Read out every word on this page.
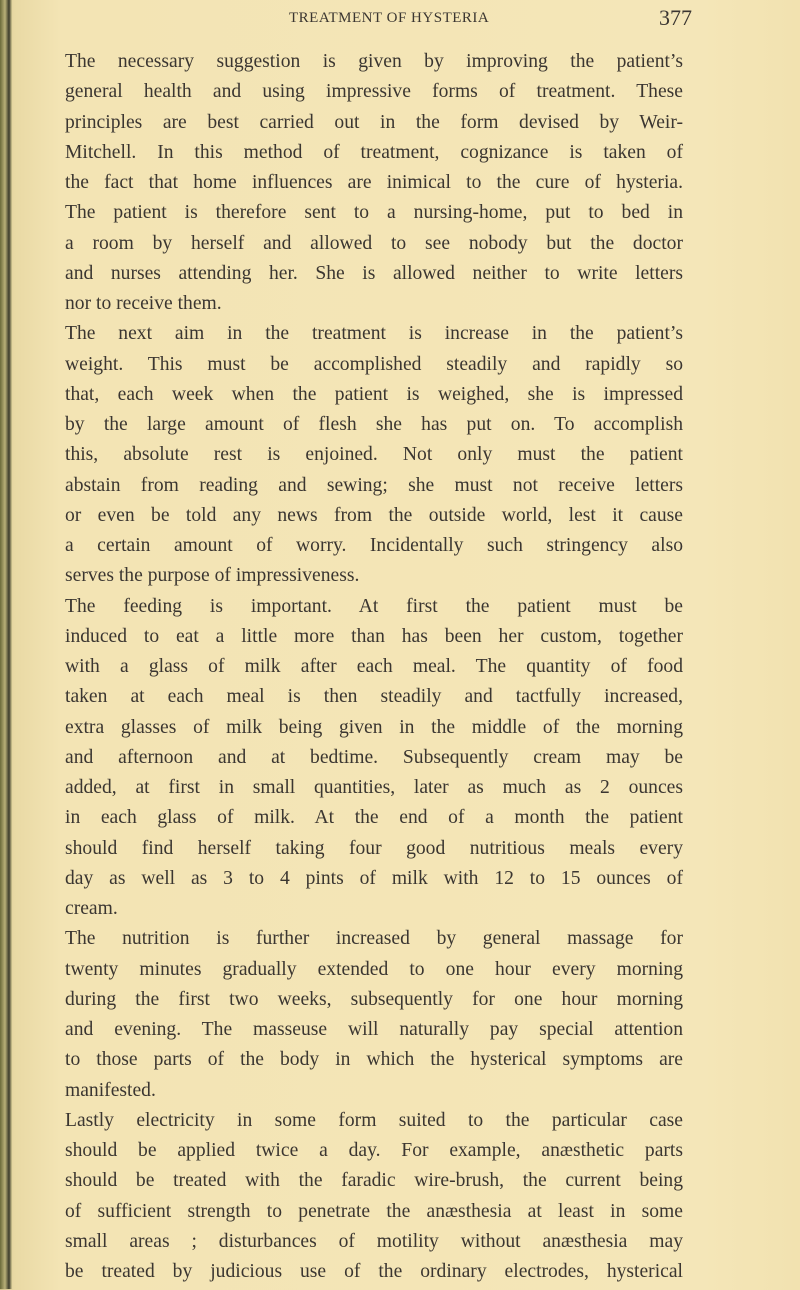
TREATMENT OF HYSTERIA	377
The necessary suggestion is given by improving the patient’s
general health and using impressive forms of treatment. These
principles are best carried out in the form devised by Weir-
Mitchell. In this method of treatment, cognizance is taken of
the fact that home influences are inimical to the cure of hysteria.
The patient is therefore sent to a nursing-home, put to bed in
a room by herself and allowed to see nobody but the doctor
and nurses attending her. She is allowed neither to write letters
nor to receive them.
The next aim in the treatment is increase in the patient’s
weight. This must be accomplished steadily and rapidly so
that, each week when the patient is weighed, she is impressed
by the large amount of flesh she has put on. To accomplish
this, absolute rest is enjoined. Not only must the patient
abstain from reading and sewing; she must not receive letters
or even be told any news from the outside world, lest it cause
a certain amount of worry. Incidentally such stringency also
serves the purpose of impressiveness.
The feeding is important. At first the patient must be
induced to eat a little more than has been her custom, together
with a glass of milk after each meal. The quantity of food
taken at each meal is then steadily and tactfully increased,
extra glasses of milk being given in the middle of the morning
and afternoon and at bedtime. Subsequently cream may be
added, at first in small quantities, later as much as 2 ounces
in each glass of milk. At the end of a month the patient
should find herself taking four good nutritious meals every
day as well as 3 to 4 pints of milk with 12 to 15 ounces of
cream.
The nutrition is further increased by general massage for
twenty minutes gradually extended to one hour every morning
during the first two weeks, subsequently for one hour morning
and evening. The masseuse will naturally pay special attention
to those parts of the body in which the hysterical symptoms are
manifested.
Lastly electricity in some form suited to the particular case
should be applied twice a day. For example, anæsthetic parts
should be treated with the faradic wire-brush, the current being
of sufficient strength to penetrate the anæsthesia at least in some
small areas ; disturbances of motility without anæsthesia may
be treated by judicious use of the ordinary electrodes, hysterical
